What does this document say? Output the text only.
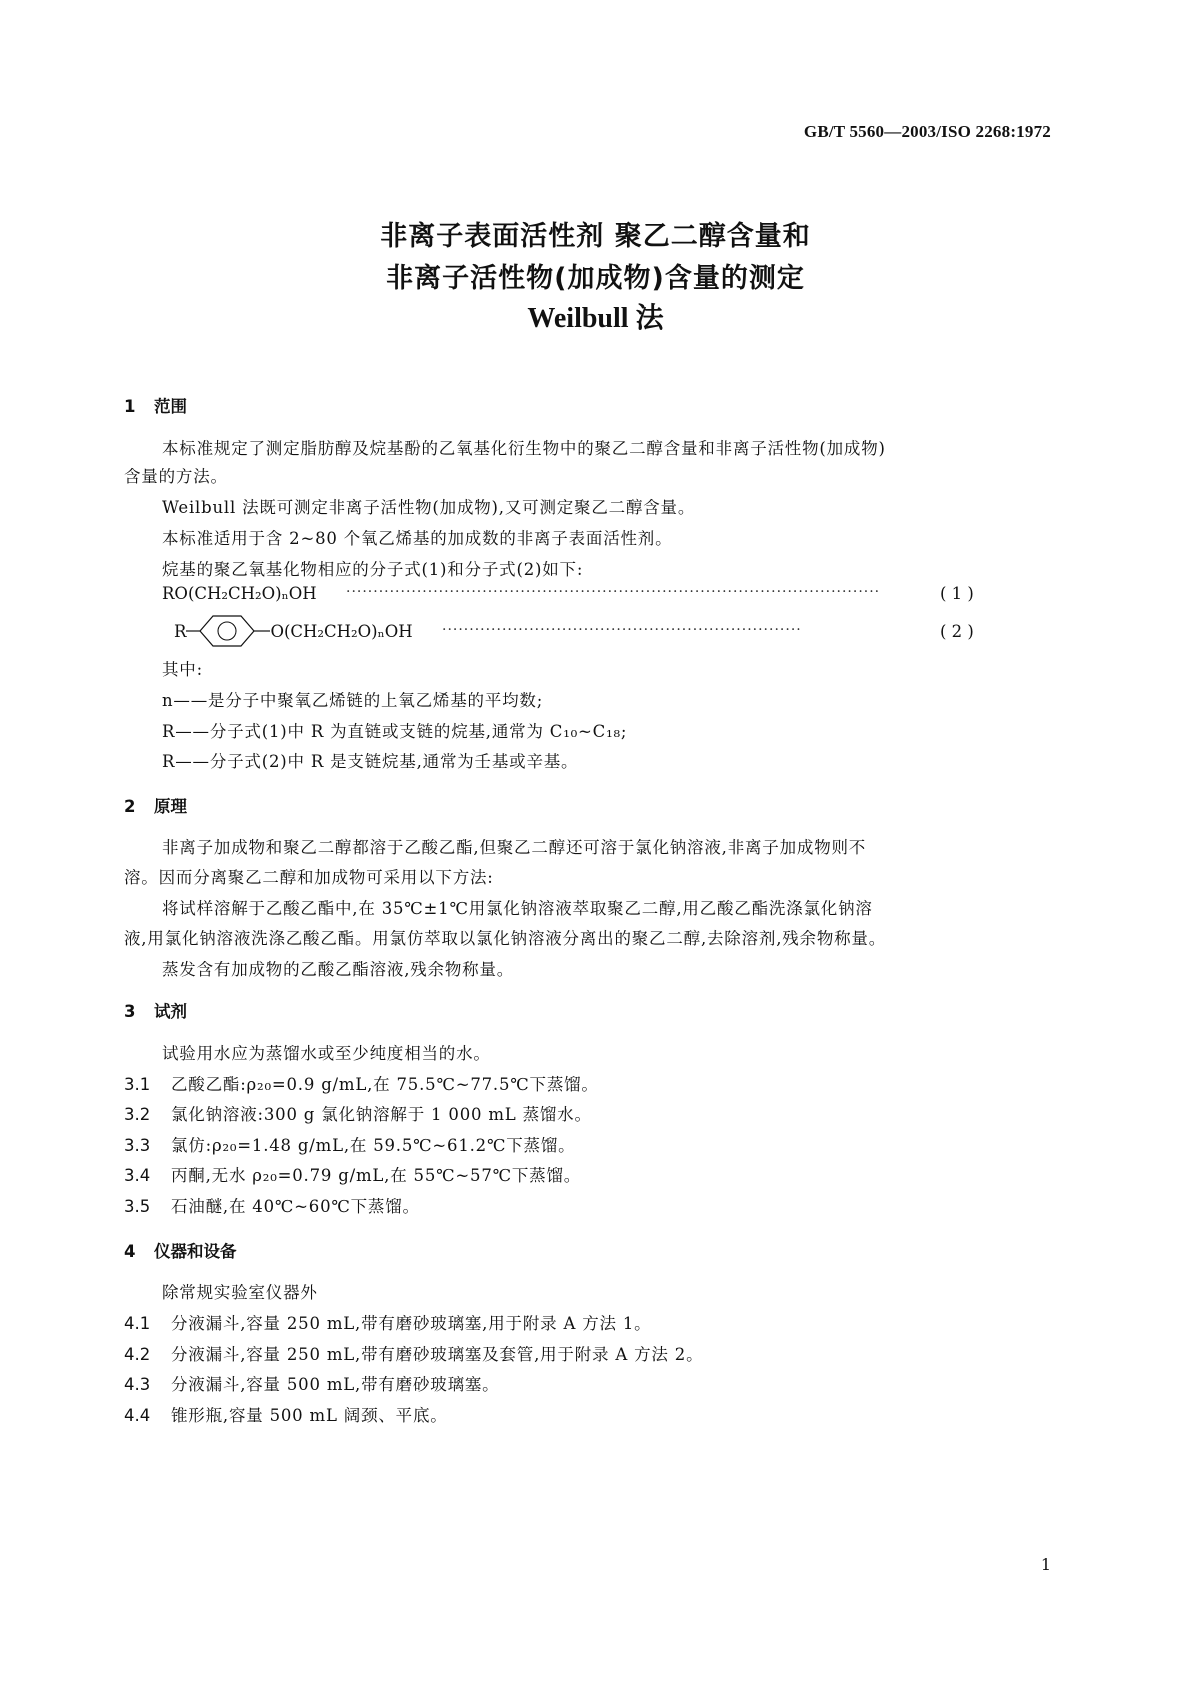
GB/T 5560—2003/ISO 2268:1972
非离子表面活性剂 聚乙二醇含量和
非离子活性物(加成物)含量的测定
Weilbull 法
1 范围
本标准规定了测定脂肪醇及烷基酚的乙氧基化衍生物中的聚乙二醇含量和非离子活性物(加成物)
含量的方法。
Weilbull 法既可测定非离子活性物(加成物),又可测定聚乙二醇含量。
本标准适用于含 2~80 个氧乙烯基的加成数的非离子表面活性剂。
烷基的聚乙氧基化物相应的分子式(1)和分子式(2)如下:
RO(CH₂CH₂O)ₙOH ··································································································	( 1 )
R	O(CH₂CH₂O)ₙOH ··································································	( 2 )
其中:
n——是分子中聚氧乙烯链的上氧乙烯基的平均数;
R——分子式(1)中 R 为直链或支链的烷基,通常为 C₁₀~C₁₈;
R——分子式(2)中 R 是支链烷基,通常为壬基或辛基。
2 原理
非离子加成物和聚乙二醇都溶于乙酸乙酯,但聚乙二醇还可溶于氯化钠溶液,非离子加成物则不
溶。因而分离聚乙二醇和加成物可采用以下方法:
将试样溶解于乙酸乙酯中,在 35℃±1℃用氯化钠溶液萃取聚乙二醇,用乙酸乙酯洗涤氯化钠溶
液,用氯化钠溶液洗涤乙酸乙酯。用氯仿萃取以氯化钠溶液分离出的聚乙二醇,去除溶剂,残余物称量。
蒸发含有加成物的乙酸乙酯溶液,残余物称量。
3 试剂
试验用水应为蒸馏水或至少纯度相当的水。
3.1 乙酸乙酯:ρ₂₀=0.9 g/mL,在 75.5℃~77.5℃下蒸馏。
3.2 氯化钠溶液:300 g 氯化钠溶解于 1 000 mL 蒸馏水。
3.3 氯仿:ρ₂₀=1.48 g/mL,在 59.5℃~61.2℃下蒸馏。
3.4 丙酮,无水 ρ₂₀=0.79 g/mL,在 55℃~57℃下蒸馏。
3.5 石油醚,在 40℃~60℃下蒸馏。
4 仪器和设备
除常规实验室仪器外
4.1 分液漏斗,容量 250 mL,带有磨砂玻璃塞,用于附录 A 方法 1。
4.2 分液漏斗,容量 250 mL,带有磨砂玻璃塞及套管,用于附录 A 方法 2。
4.3 分液漏斗,容量 500 mL,带有磨砂玻璃塞。
4.4 锥形瓶,容量 500 mL 阔颈、平底。
1
